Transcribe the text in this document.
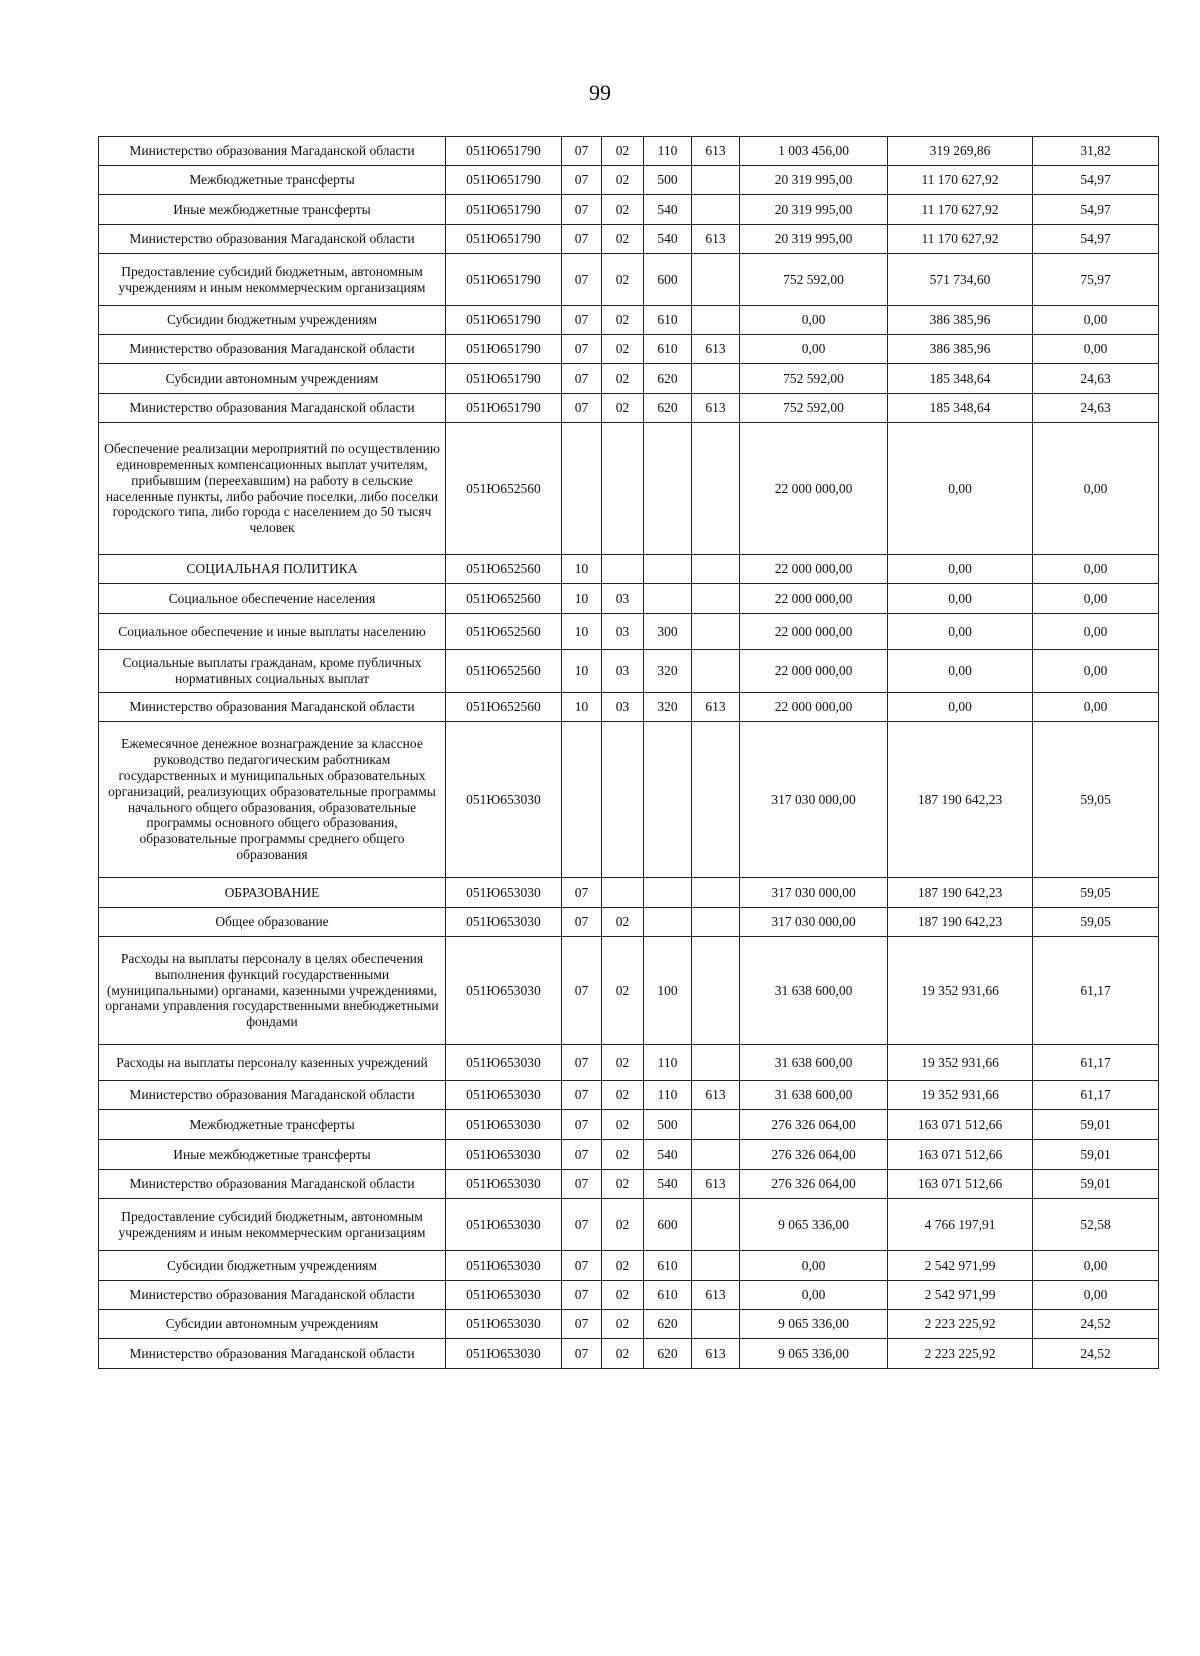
99
Министерство образования Магаданской области	051Ю651790	07	02	110	613	1 003 456,00	319 269,86	31,82
Межбюджетные трансферты	051Ю651790	07	02	500		20 319 995,00	11 170 627,92	54,97
Иные межбюджетные трансферты	051Ю651790	07	02	540		20 319 995,00	11 170 627,92	54,97
Министерство образования Магаданской области	051Ю651790	07	02	540	613	20 319 995,00	11 170 627,92	54,97
Предоставление субсидий бюджетным, автономным учреждениям и иным некоммерческим организациям	051Ю651790	07	02	600		752 592,00	571 734,60	75,97
Субсидии бюджетным учреждениям	051Ю651790	07	02	610		0,00	386 385,96	0,00
Министерство образования Магаданской области	051Ю651790	07	02	610	613	0,00	386 385,96	0,00
Субсидии автономным учреждениям	051Ю651790	07	02	620		752 592,00	185 348,64	24,63
Министерство образования Магаданской области	051Ю651790	07	02	620	613	752 592,00	185 348,64	24,63
Обеспечение реализации мероприятий по осуществлению единовременных компенсационных выплат учителям, прибывшим (переехавшим) на работу в сельские населенные пункты, либо рабочие поселки, либо поселки городского типа, либо города с населением до 50 тысяч человек	051Ю652560					22 000 000,00	0,00	0,00
СОЦИАЛЬНАЯ ПОЛИТИКА	051Ю652560	10				22 000 000,00	0,00	0,00
Социальное обеспечение населения	051Ю652560	10	03			22 000 000,00	0,00	0,00
Социальное обеспечение и иные выплаты населению	051Ю652560	10	03	300		22 000 000,00	0,00	0,00
Социальные выплаты гражданам, кроме публичных нормативных социальных выплат	051Ю652560	10	03	320		22 000 000,00	0,00	0,00
Министерство образования Магаданской области	051Ю652560	10	03	320	613	22 000 000,00	0,00	0,00
Ежемесячное денежное вознаграждение за классное руководство педагогическим работникам государственных и муниципальных образовательных организаций, реализующих образовательные программы начального общего образования, образовательные программы основного общего образования, образовательные программы среднего общего образования	051Ю653030					317 030 000,00	187 190 642,23	59,05
ОБРАЗОВАНИЕ	051Ю653030	07				317 030 000,00	187 190 642,23	59,05
Общее образование	051Ю653030	07	02			317 030 000,00	187 190 642,23	59,05
Расходы на выплаты персоналу в целях обеспечения выполнения функций государственными (муниципальными) органами, казенными учреждениями, органами управления государственными внебюджетными фондами	051Ю653030	07	02	100		31 638 600,00	19 352 931,66	61,17
Расходы на выплаты персоналу казенных учреждений	051Ю653030	07	02	110		31 638 600,00	19 352 931,66	61,17
Министерство образования Магаданской области	051Ю653030	07	02	110	613	31 638 600,00	19 352 931,66	61,17
Межбюджетные трансферты	051Ю653030	07	02	500		276 326 064,00	163 071 512,66	59,01
Иные межбюджетные трансферты	051Ю653030	07	02	540		276 326 064,00	163 071 512,66	59,01
Министерство образования Магаданской области	051Ю653030	07	02	540	613	276 326 064,00	163 071 512,66	59,01
Предоставление субсидий бюджетным, автономным учреждениям и иным некоммерческим организациям	051Ю653030	07	02	600		9 065 336,00	4 766 197,91	52,58
Субсидии бюджетным учреждениям	051Ю653030	07	02	610		0,00	2 542 971,99	0,00
Министерство образования Магаданской области	051Ю653030	07	02	610	613	0,00	2 542 971,99	0,00
Субсидии автономным учреждениям	051Ю653030	07	02	620		9 065 336,00	2 223 225,92	24,52
Министерство образования Магаданской области	051Ю653030	07	02	620	613	9 065 336,00	2 223 225,92	24,52
